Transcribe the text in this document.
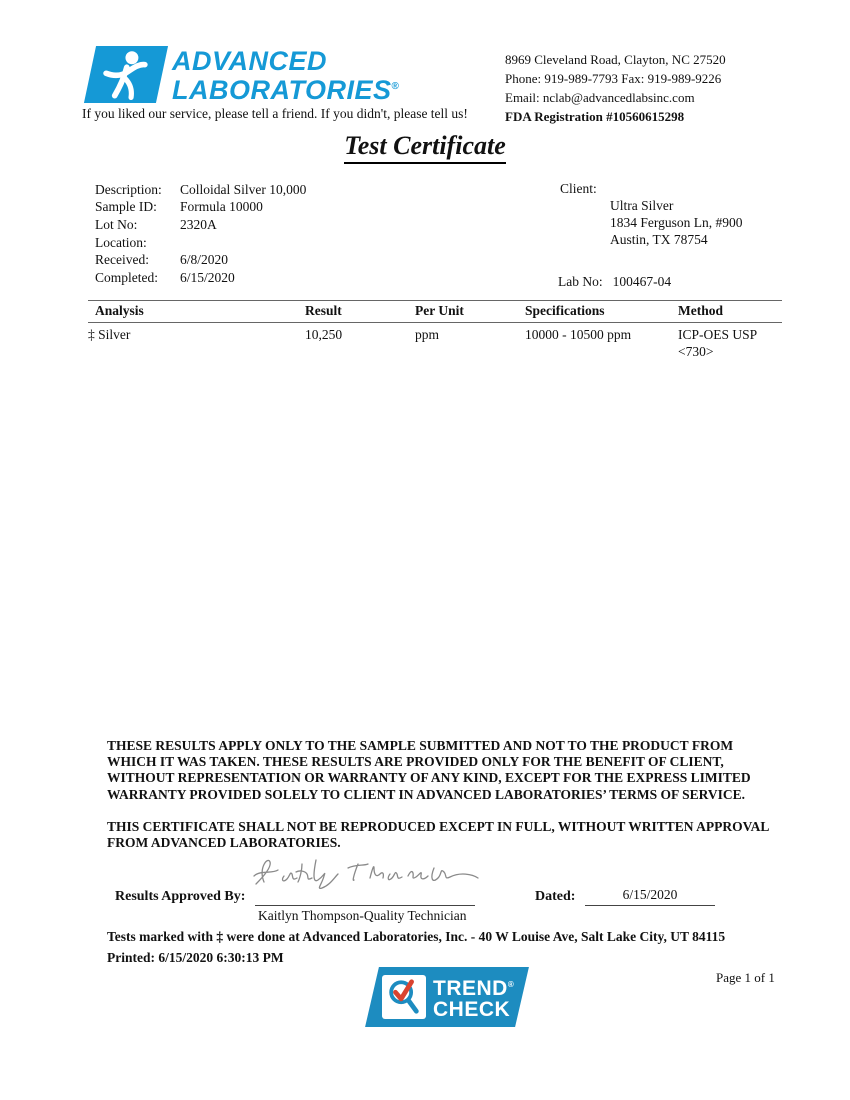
ADVANCED
LABORATORIES®
If you liked our service, please tell a friend. If you didn't, please tell us!
8969 Cleveland Road, Clayton, NC 27520
Phone: 919-989-7793 Fax: 919-989-9226
Email: nclab@advancedlabsinc.com
FDA Registration #10560615298
Test Certificate
Description:	Colloidal Silver 10,000
Sample ID:	Formula 10000
Lot No:	2320A
Location:
Received:	6/8/2020
Completed:	6/15/2020
Client:
Ultra Silver
1834 Ferguson Ln, #900
Austin, TX 78754
Lab No: 100467-04
Analysis	Result	Per Unit	Specifications	Method
‡ Silver	10,250	ppm	10000 - 10500 ppm	ICP-OES USP <730>
THESE RESULTS APPLY ONLY TO THE SAMPLE SUBMITTED AND NOT TO THE PRODUCT FROM WHICH IT WAS TAKEN. THESE RESULTS ARE PROVIDED ONLY FOR THE BENEFIT OF CLIENT, WITHOUT REPRESENTATION OR WARRANTY OF ANY KIND, EXCEPT FOR THE EXPRESS LIMITED WARRANTY PROVIDED SOLELY TO CLIENT IN ADVANCED LABORATORIES’ TERMS OF SERVICE.
THIS CERTIFICATE SHALL NOT BE REPRODUCED EXCEPT IN FULL, WITHOUT WRITTEN APPROVAL FROM ADVANCED LABORATORIES.
Results Approved By:
Kaitlyn Thompson-Quality Technician
Dated:	6/15/2020
Tests marked with ‡ were done at Advanced Laboratories, Inc. - 40 W Louise Ave, Salt Lake City, UT 84115
Printed: 6/15/2020 6:30:13 PM
Page 1 of 1
TREND®
CHECK
